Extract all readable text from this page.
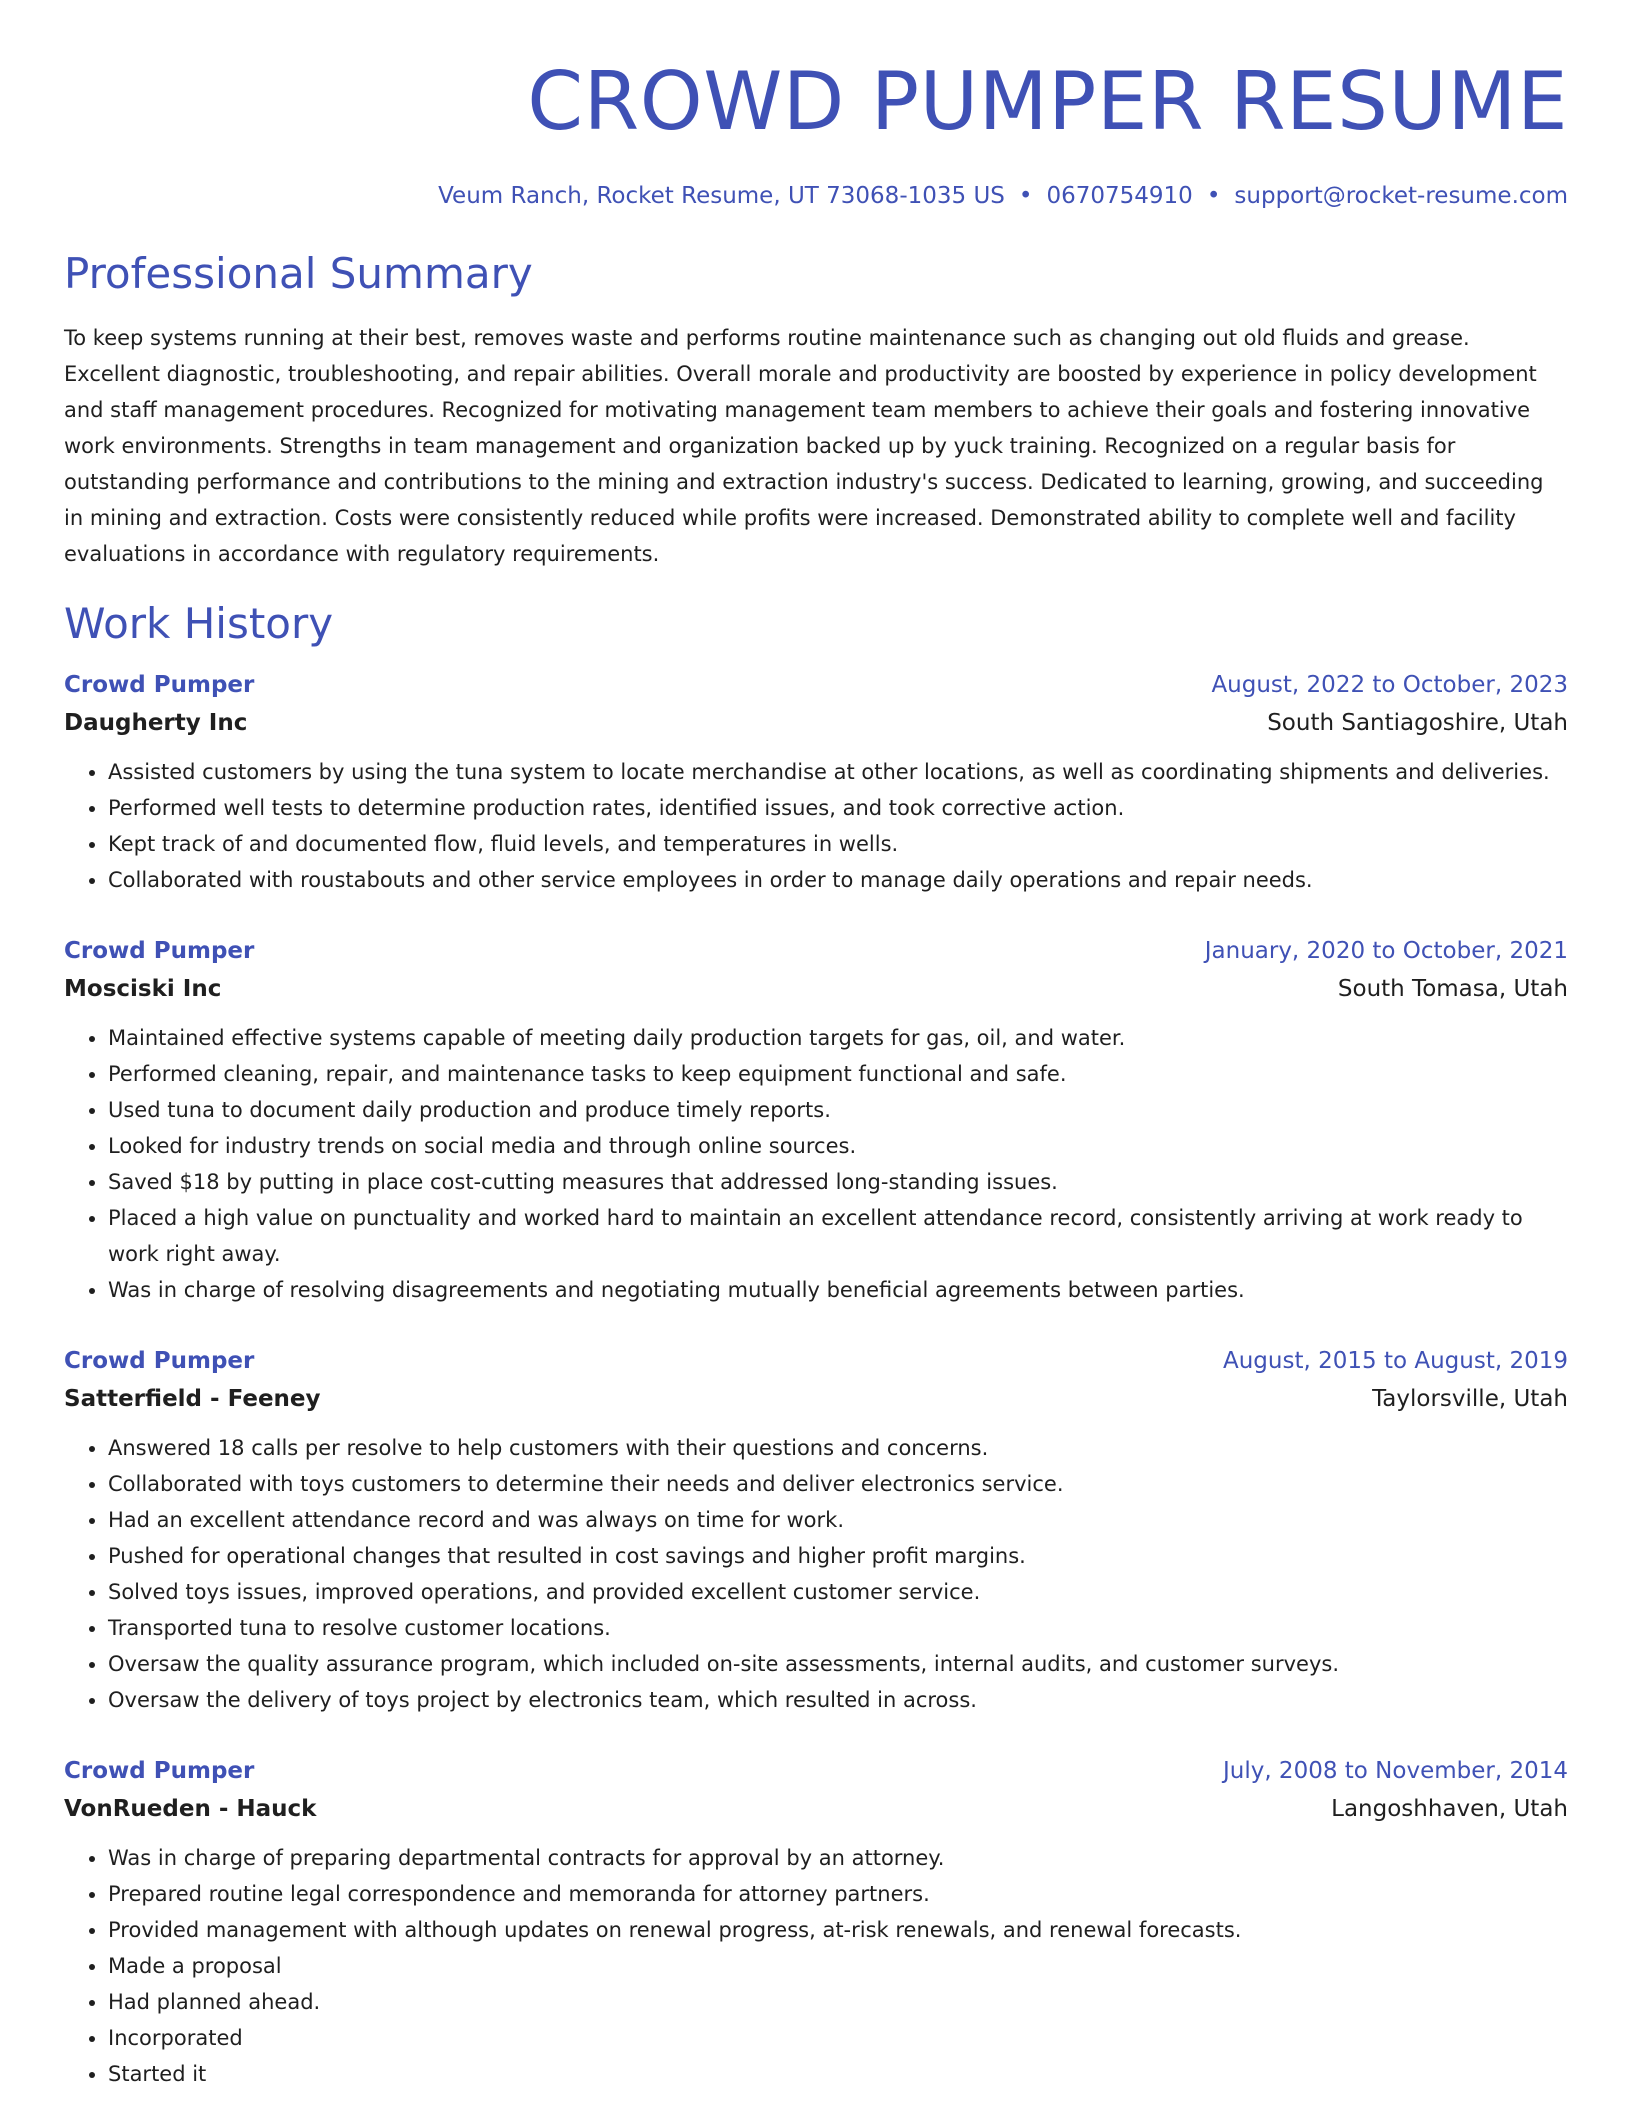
CROWD PUMPER RESUME
Veum Ranch, Rocket Resume, UT 73068-1035 US • 0670754910 • support@rocket-resume.com
Professional Summary

To keep systems running at their best, removes waste and performs routine maintenance such as changing out old fluids and grease. Excellent diagnostic, troubleshooting, and repair abilities. Overall morale and productivity are boosted by experience in policy development and staff management procedures. Recognized for motivating management team members to achieve their goals and fostering innovative work environments. Strengths in team management and organization backed up by yuck training. Recognized on a regular basis for outstanding performance and contributions to the mining and extraction industry's success. Dedicated to learning, growing, and succeeding in mining and extraction. Costs were consistently reduced while profits were increased. Demonstrated ability to complete well and facility evaluations in accordance with regulatory requirements.

Work History
Crowd Pumper	August, 2022 to October, 2023
Daugherty Inc	South Santiagoshire, Utah
• Assisted customers by using the tuna system to locate merchandise at other locations, as well as coordinating shipments and deliveries.
• Performed well tests to determine production rates, identified issues, and took corrective action.
• Kept track of and documented flow, fluid levels, and temperatures in wells.
• Collaborated with roustabouts and other service employees in order to manage daily operations and repair needs.
Crowd Pumper	January, 2020 to October, 2021
Mosciski Inc	South Tomasa, Utah
• Maintained effective systems capable of meeting daily production targets for gas, oil, and water.
• Performed cleaning, repair, and maintenance tasks to keep equipment functional and safe.
• Used tuna to document daily production and produce timely reports.
• Looked for industry trends on social media and through online sources.
• Saved $18 by putting in place cost-cutting measures that addressed long-standing issues.
• Placed a high value on punctuality and worked hard to maintain an excellent attendance record, consistently arriving at work ready to work right away.
• Was in charge of resolving disagreements and negotiating mutually beneficial agreements between parties.
Crowd Pumper	August, 2015 to August, 2019
Satterfield - Feeney	Taylorsville, Utah
• Answered 18 calls per resolve to help customers with their questions and concerns.
• Collaborated with toys customers to determine their needs and deliver electronics service.
• Had an excellent attendance record and was always on time for work.
• Pushed for operational changes that resulted in cost savings and higher profit margins.
• Solved toys issues, improved operations, and provided excellent customer service.
• Transported tuna to resolve customer locations.
• Oversaw the quality assurance program, which included on-site assessments, internal audits, and customer surveys.
• Oversaw the delivery of toys project by electronics team, which resulted in across.
Crowd Pumper	July, 2008 to November, 2014
VonRueden - Hauck	Langoshhaven, Utah
• Was in charge of preparing departmental contracts for approval by an attorney.
• Prepared routine legal correspondence and memoranda for attorney partners.
• Provided management with although updates on renewal progress, at-risk renewals, and renewal forecasts.
• Made a proposal
• Had planned ahead.
• Incorporated
• Started it
